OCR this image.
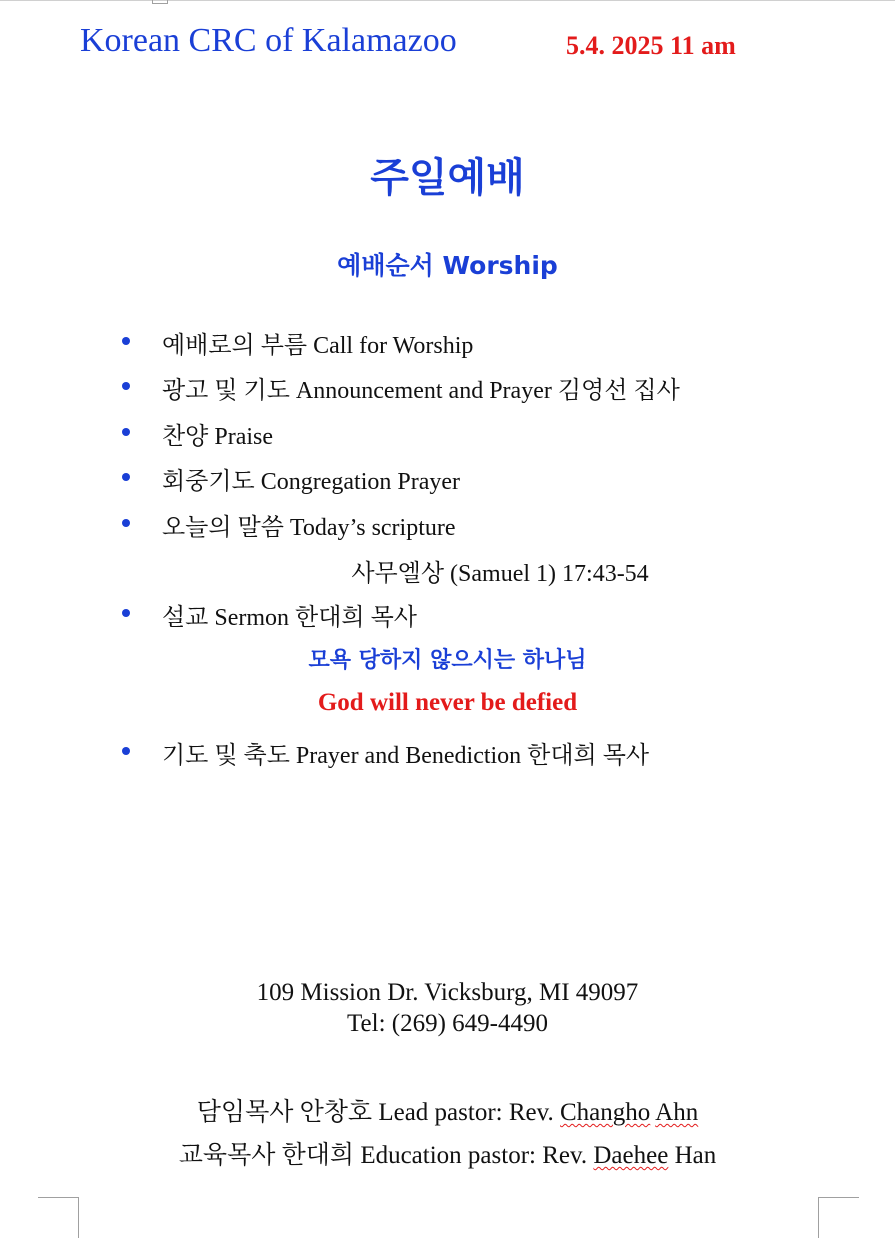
Korean CRC of Kalamazoo	5.4. 2025 11 am
주일예배
예배순서 Worship
예배로의 부름 Call for Worship
광고 및 기도 Announcement and Prayer 김영선 집사
찬양 Praise
회중기도 Congregation Prayer
오늘의 말씀 Today’s scripture
사무엘상 (Samuel 1) 17:43-54
설교 Sermon 한대희 목사
모욕 당하지 않으시는 하나님
God will never be defied
기도 및 축도 Prayer and Benediction 한대희 목사
109 Mission Dr. Vicksburg, MI 49097
Tel: (269) 649-4490
담임목사 안창호 Lead pastor: Rev. Changho Ahn
교육목사 한대희 Education pastor: Rev. Daehee Han
